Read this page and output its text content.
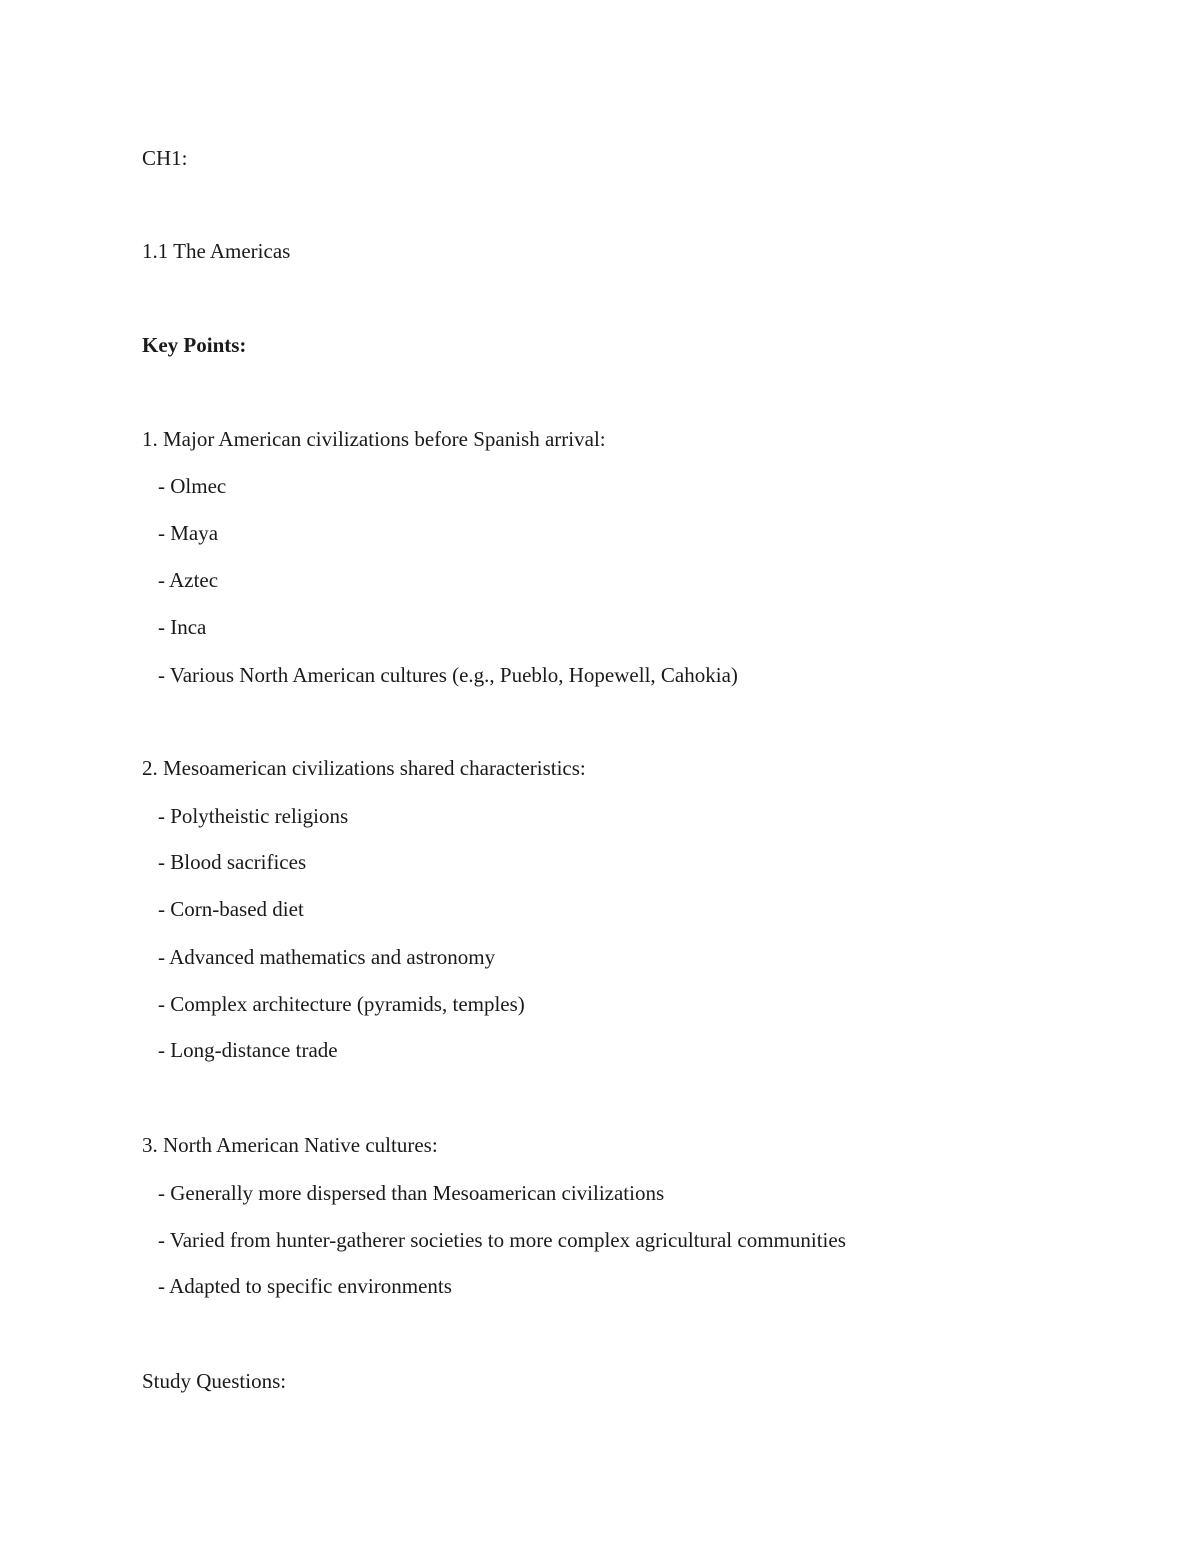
CH1:
1.1 The Americas
Key Points:
1. Major American civilizations before Spanish arrival:
- Olmec
- Maya
- Aztec
- Inca
- Various North American cultures (e.g., Pueblo, Hopewell, Cahokia)
2. Mesoamerican civilizations shared characteristics:
- Polytheistic religions
- Blood sacrifices
- Corn-based diet
- Advanced mathematics and astronomy
- Complex architecture (pyramids, temples)
- Long-distance trade
3. North American Native cultures:
- Generally more dispersed than Mesoamerican civilizations
- Varied from hunter-gatherer societies to more complex agricultural communities
- Adapted to specific environments
Study Questions:
